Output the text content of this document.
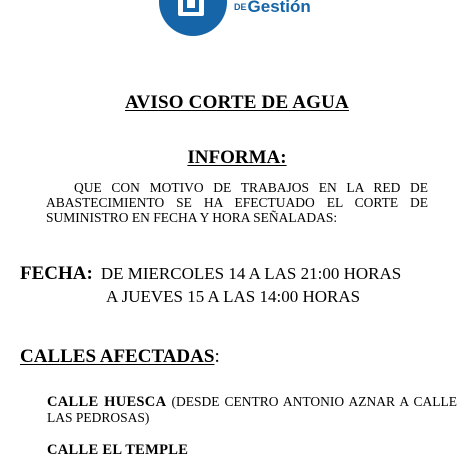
DEGestión
AVISO CORTE DE AGUA
INFORMA:
QUE CON MOTIVO DE TRABAJOS EN LA RED DE ABASTECIMIENTO SE HA EFECTUADO EL CORTE DE SUMINISTRO EN FECHA Y HORA SEÑALADAS:
FECHA: DE MIERCOLES 14 A LAS 21:00 HORAS
A JUEVES 15 A LAS 14:00 HORAS
CALLES AFECTADAS:
CALLE HUESCA (DESDE CENTRO ANTONIO AZNAR A CALLE LAS PEDROSAS)
CALLE EL TEMPLE
